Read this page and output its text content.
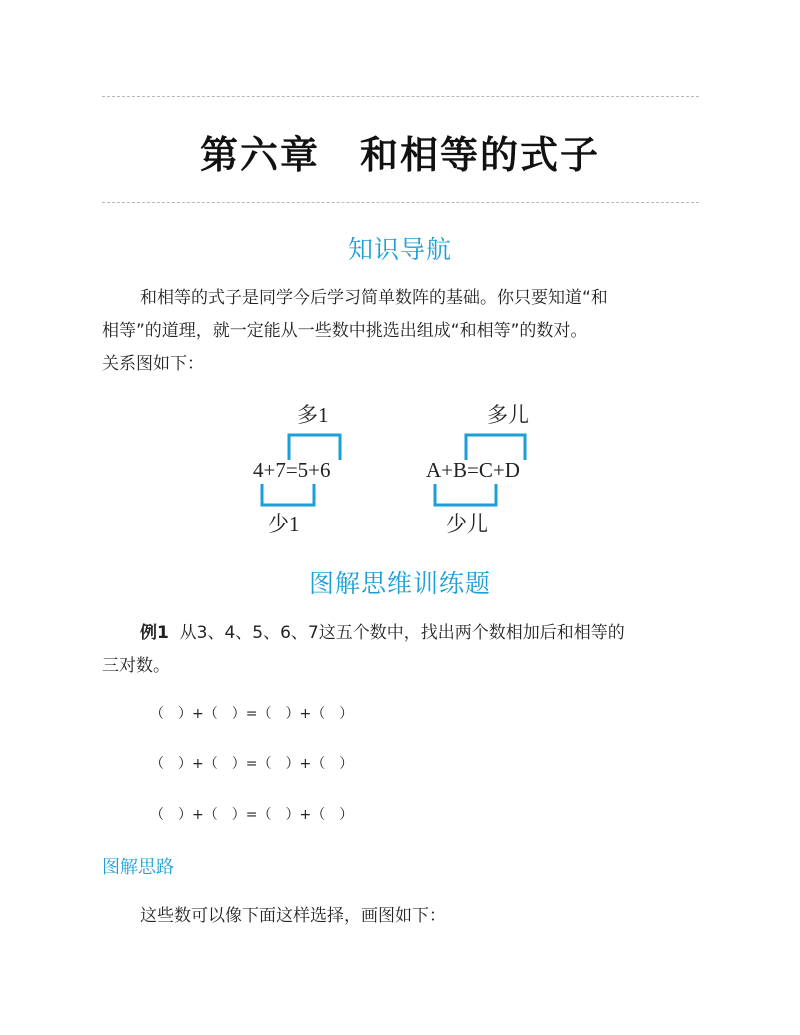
第六章　和相等的式子
知识导航
和相等的式子是同学今后学习简单数阵的基础。你只要知道“和
相等”的道理，就一定能从一些数中挑选出组成“和相等”的数对。
关系图如下：
多1
4+7=5+6
少1
多儿
A+B=C+D
少儿
图解思维训练题
例1 从3、4、5、6、7这五个数中，找出两个数相加后和相等的
三对数。
（　）+（　）=（　）+（　）
（　）+（　）=（　）+（　）
（　）+（　）=（　）+（　）
图解思路
这些数可以像下面这样选择，画图如下：
